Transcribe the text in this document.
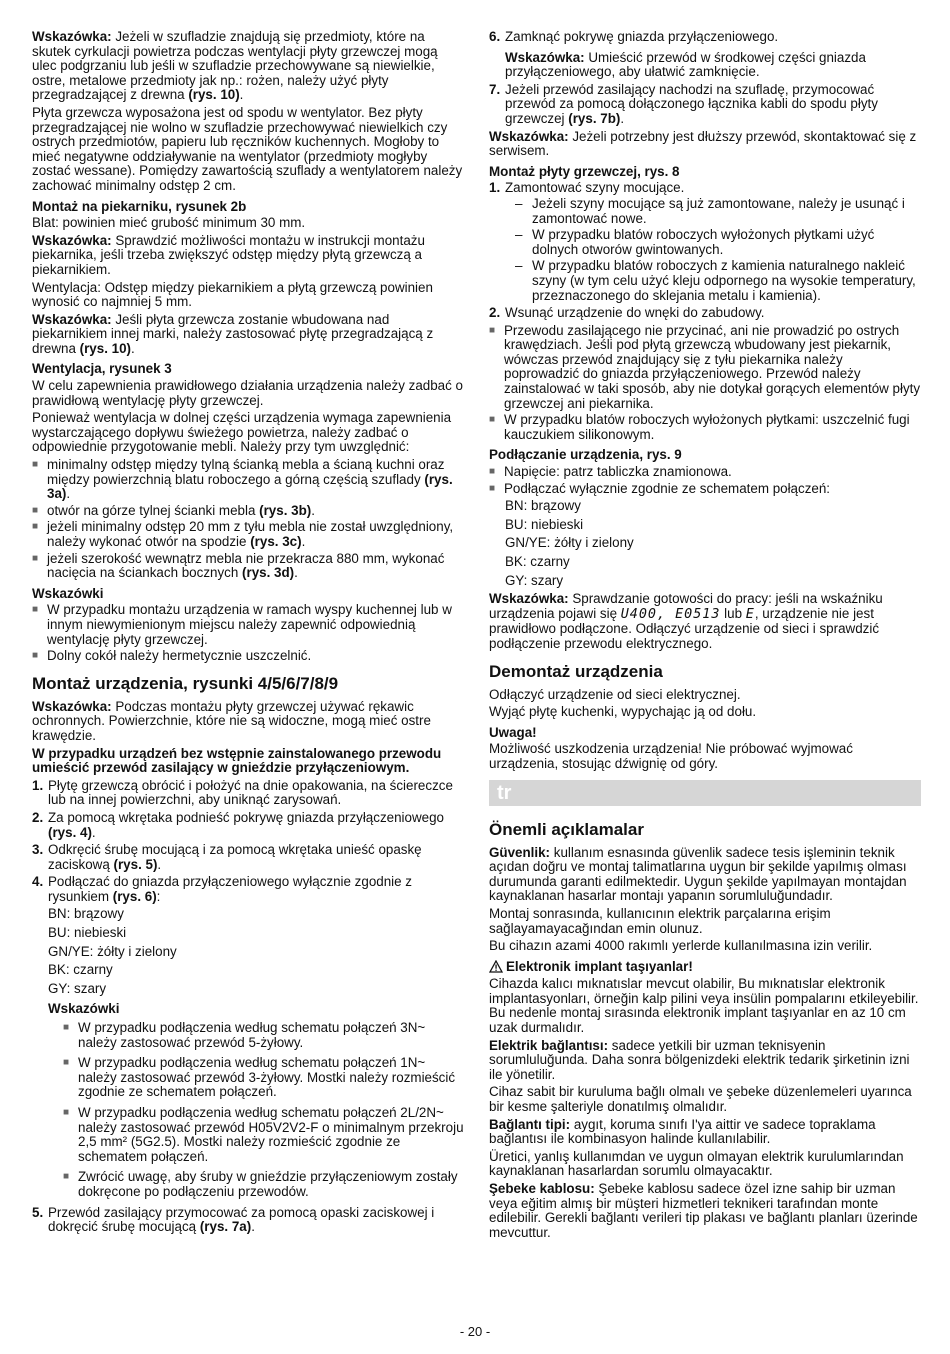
Wskazówka: Jeżeli w szufladzie znajdują się przedmioty, które na skutek cyrkulacji powietrza podczas wentylacji płyty grzewczej mogą ulec podgrzaniu lub jeśli w szufladzie przechowywane są niewielkie, ostre, metalowe przedmioty jak np.: rożen, należy użyć płyty przegradzającej z drewna (rys. 10).

Płyta grzewcza wyposażona jest od spodu w wentylator. Bez płyty przegradzającej nie wolno w szufladzie przechowywać niewielkich czy ostrych przedmiotów, papieru lub ręczników kuchennych. Mogłoby to mieć negatywne oddziaływanie na wentylator (przedmioty mogłyby zostać wessane). Pomiędzy zawartością szuflady a wentylatorem należy zachować minimalny odstęp 2 cm.

Montaż na piekarniku, rysunek 2b

Blat: powinien mieć grubość minimum 30 mm.

Wskazówka: Sprawdzić możliwości montażu w instrukcji montażu piekarnika, jeśli trzeba zwiększyć odstęp między płytą grzewczą a piekarnikiem.

Wentylacja: Odstęp między piekarnikiem a płytą grzewczą powinien wynosić co najmniej 5 mm.

Wskazówka: Jeśli płyta grzewcza zostanie wbudowana nad piekarnikiem innej marki, należy zastosować płytę przegradzającą z drewna (rys. 10).

Wentylacja, rysunek 3

W celu zapewnienia prawidłowego działania urządzenia należy zadbać o prawidłową wentylację płyty grzewczej.

Ponieważ wentylacja w dolnej części urządzenia wymaga zapewnienia wystarczającego dopływu świeżego powietrza, należy zadbać o odpowiednie przygotowanie mebli. Należy przy tym uwzględnić:

■ minimalny odstęp między tylną ścianką mebla a ścianą kuchni oraz między powierzchnią blatu roboczego a górną częścią szuflady (rys. 3a).
■ otwór na górze tylnej ścianki mebla (rys. 3b).
■ jeżeli minimalny odstęp 20 mm z tyłu mebla nie został uwzględniony, należy wykonać otwór na spodzie (rys. 3c).
■ jeżeli szerokość wewnątrz mebla nie przekracza 880 mm, wykonać nacięcia na ściankach bocznych (rys. 3d).
Wskazówki
■ W przypadku montażu urządzenia w ramach wyspy kuchennej lub w innym niewymienionym miejscu należy zapewnić odpowiednią wentylację płyty grzewczej.
■ Dolny cokół należy hermetycznie uszczelnić.
Montaż urządzenia, rysunki 4/5/6/7/8/9

Wskazówka: Podczas montażu płyty grzewczej używać rękawic ochronnych. Powierzchnie, które nie są widoczne, mogą mieć ostre krawędzie.

W przypadku urządzeń bez wstępnie zainstalowanego przewodu umieścić przewód zasilający w gnieździe przyłączeniowym.

1. Płytę grzewczą obrócić i położyć na dnie opakowania, na ściereczce lub na innej powierzchni, aby uniknąć zarysowań.
2. Za pomocą wkrętaka podnieść pokrywę gniazda przyłączeniowego (rys. 4).
3. Odkręcić śrubę mocującą i za pomocą wkrętaka unieść opaskę zaciskową (rys. 5).
4. Podłączać do gniazda przyłączeniowego wyłącznie zgodnie z rysunkiem (rys. 6):
BN: brązowy
BU: niebieski
GN/YE: żółty i zielony
BK: czarny
GY: szary
Wskazówki
■ W przypadku podłączenia według schematu połączeń 3N~ należy zastosować przewód 5-żyłowy.
■ W przypadku podłączenia według schematu połączeń 1N~ należy zastosować przewód 3-żyłowy. Mostki należy rozmieścić zgodnie ze schematem połączeń.
■ W przypadku podłączenia według schematu połączeń 2L/2N~ należy zastosować przewód H05V2V2-F o minimalnym przekroju 2,5 mm² (5G2.5). Mostki należy rozmieścić zgodnie ze schematem połączeń.
■ Zwrócić uwagę, aby śruby w gnieździe przyłączeniowym zostały dokręcone po podłączeniu przewodów.
5. Przewód zasilający przymocować za pomocą opaski zaciskowej i dokręcić śrubę mocującą (rys. 7a).
6. Zamknąć pokrywę gniazda przyłączeniowego.

Wskazówka: Umieścić przewód w środkowej części gniazda przyłączeniowego, aby ułatwić zamknięcie.

7. Jeżeli przewód zasilający nachodzi na szufladę, przymocować przewód za pomocą dołączonego łącznika kabli do spodu płyty grzewczej (rys. 7b).

Wskazówka: Jeżeli potrzebny jest dłuższy przewód, skontaktować się z serwisem.

Montaż płyty grzewczej, rys. 8
1. Zamontować szyny mocujące.
– Jeżeli szyny mocujące są już zamontowane, należy je usunąć i zamontować nowe.
– W przypadku blatów roboczych wyłożonych płytkami użyć dolnych otworów gwintowanych.
– W przypadku blatów roboczych z kamienia naturalnego nakleić szyny (w tym celu użyć kleju odpornego na wysokie temperatury, przeznaczonego do sklejania metalu i kamienia).
2. Wsunąć urządzenie do wnęki do zabudowy.
■ Przewodu zasilającego nie przycinać, ani nie prowadzić po ostrych krawędziach. Jeśli pod płytą grzewczą wbudowany jest piekarnik, wówczas przewód znajdujący się z tyłu piekarnika należy poprowadzić do gniazda przyłączeniowego. Przewód należy zainstalować w taki sposób, aby nie dotykał gorących elementów płyty grzewczej ani piekarnika.
■ W przypadku blatów roboczych wyłożonych płytkami: uszczelnić fugi kauczukiem silikonowym.
Podłączanie urządzenia, rys. 9
■ Napięcie: patrz tabliczka znamionowa.
■ Podłączać wyłącznie zgodnie ze schematem połączeń:
BN: brązowy
BU: niebieski
GN/YE: żółty i zielony
BK: czarny
GY: szary

Wskazówka: Sprawdzanie gotowości do pracy: jeśli na wskaźniku urządzenia pojawi się U400, E0513 lub E, urządzenie nie jest prawidłowo podłączone. Odłączyć urządzenie od sieci i sprawdzić podłączenie przewodu elektrycznego.

Demontaż urządzenia

Odłączyć urządzenie od sieci elektrycznej.

Wyjąć płytę kuchenki, wypychając ją od dołu.

Uwaga!

Możliwość uszkodzenia urządzenia! Nie próbować wyjmować urządzenia, stosując dźwignię od góry.

tr
Önemli açıklamalar

Güvenlik: kullanım esnasında güvenlik sadece tesis işleminin teknik açıdan doğru ve montaj talimatlarına uygun bir şekilde yapılmış olması durumunda garanti edilmektedir. Uygun şekilde yapılmayan montajdan kaynaklanan hasarlar montajı yapanın sorumluluğundadır.

Montaj sonrasında, kullanıcının elektrik parçalarına erişim sağlayamayacağından emin olunuz.

Bu cihazın azami 4000 rakımlı yerlerde kullanılmasına izin verilir.

Elektronik implant taşıyanlar!

Cihazda kalıcı mıknatıslar mevcut olabilir, Bu mıknatıslar elektronik implantasyonları, örneğin kalp pilini veya insülin pompalarını etkileyebilir. Bu nedenle montaj sırasında elektronik implant taşıyanlar en az 10 cm uzak durmalıdır.

Elektrik bağlantısı: sadece yetkili bir uzman teknisyenin sorumluluğunda. Daha sonra bölgenizdeki elektrik tedarik şirketinin izni ile yönetilir.

Cihaz sabit bir kuruluma bağlı olmalı ve şebeke düzenlemeleri uyarınca bir kesme şalteriyle donatılmış olmalıdır.

Bağlantı tipi: aygıt, koruma sınıfı I'ya aittir ve sadece topraklama bağlantısı ile kombinasyon halinde kullanılabilir.

Üretici, yanlış kullanımdan ve uygun olmayan elektrik kurulumlarından kaynaklanan hasarlardan sorumlu olmayacaktır.

Şebeke kablosu: Şebeke kablosu sadece özel izne sahip bir uzman veya eğitim almış bir müşteri hizmetleri teknikeri tarafından monte edilebilir. Gerekli bağlantı verileri tip plakası ve bağlantı planları üzerinde mevcuttur.

- 20 -
